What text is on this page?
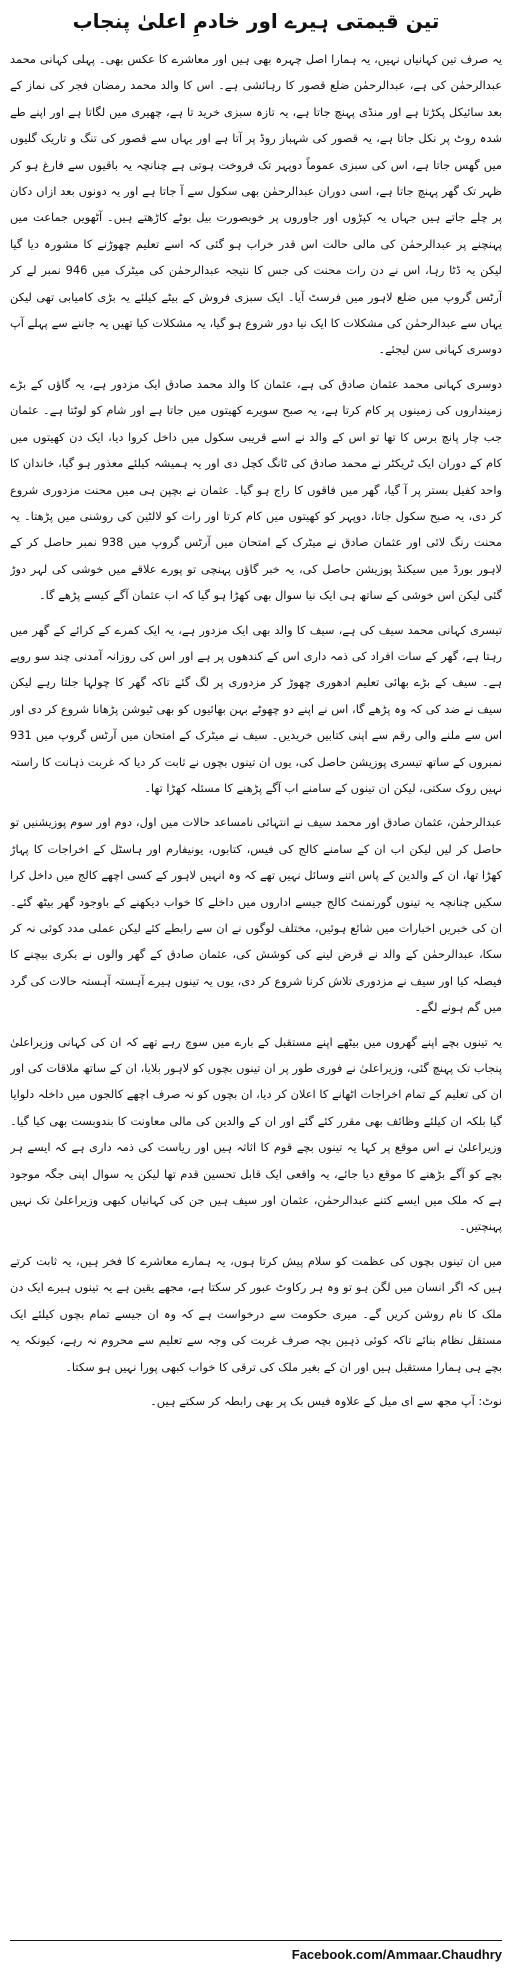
تین قیمتی ہیرے اور خادمِ اعلیٰ پنجاب

یہ صرف تین کہانیاں نہیں، یہ ہمارا اصل چہرہ بھی ہیں اور معاشرے کا عکس بھی۔ پہلی کہانی محمد عبدالرحمٰن کی ہے، عبدالرحمٰن ضلع قصور کا رہائشی ہے۔ اس کا والد محمد رمضان فجر کی نماز کے بعد سائیکل پکڑتا ہے اور منڈی پہنچ جاتا ہے، یہ تازہ سبزی خرید تا ہے، چھیری میں لگاتا ہے اور اپنے طے شدہ روٹ پر نکل جاتا ہے، یہ قصور کی شہباز روڈ پر آتا ہے اور یہاں سے قصور کی تنگ و تاریک گلیوں میں گھس جاتا ہے، اس کی سبزی عموماً دوپہر تک فروخت ہوتی ہے چنانچہ یہ باقیوں سے فارغ ہو کر ظہر تک گھر پہنچ جاتا ہے، اسی دوران عبدالرحمٰن بھی سکول سے آ جاتا ہے اور یہ دونوں بعد ازاں دکان پر چلے جاتے ہیں جہاں یہ کپڑوں اور جاوروں پر خوبصورت بیل بوٹے کاڑھتے ہیں۔ آٹھویں جماعت میں پہنچنے پر عبدالرحمٰن کی مالی حالت اس قدر خراب ہو گئی کہ اسے تعلیم چھوڑنے کا مشورہ دیا گیا لیکن یہ ڈٹا رہا، اس نے دن رات محنت کی جس کا نتیجہ عبدالرحمٰن کی میٹرک میں 946 نمبر لے کر آرٹس گروپ میں ضلع لاہور میں فرسٹ آیا۔ ایک سبزی فروش کے بیٹے کیلئے یہ بڑی کامیابی تھی لیکن یہاں سے عبدالرحمٰن کی مشکلات کا ایک نیا دور شروع ہو گیا، یہ مشکلات کیا تھیں یہ جاننے سے پہلے آپ دوسری کہانی سن لیجئے۔

دوسری کہانی محمد عثمان صادق کی ہے، عثمان کا والد محمد صادق ایک مزدور ہے، یہ گاؤں کے بڑے زمینداروں کی زمینوں پر کام کرتا ہے، یہ صبح سویرے کھیتوں میں جاتا ہے اور شام کو لوٹتا ہے۔ عثمان جب چار پانچ برس کا تھا تو اس کے والد نے اسے قریبی سکول میں داخل کروا دیا، ایک دن کھیتوں میں کام کے دوران ایک ٹریکٹر نے محمد صادق کی ٹانگ کچل دی اور یہ ہمیشہ کیلئے معذور ہو گیا، خاندان کا واحد کفیل بستر پر آ گیا، گھر میں فاقوں کا راج ہو گیا۔ عثمان نے بچپن ہی میں محنت مزدوری شروع کر دی، یہ صبح سکول جاتا، دوپہر کو کھیتوں میں کام کرتا اور رات کو لالٹین کی روشنی میں پڑھتا۔ یہ محنت رنگ لائی اور عثمان صادق نے میٹرک کے امتحان میں آرٹس گروپ میں 938 نمبر حاصل کر کے لاہور بورڈ میں سیکنڈ پوزیشن حاصل کی، یہ خبر گاؤں پہنچی تو پورے علاقے میں خوشی کی لہر دوڑ گئی لیکن اس خوشی کے ساتھ ہی ایک نیا سوال بھی کھڑا ہو گیا کہ اب عثمان آگے کیسے پڑھے گا۔

تیسری کہانی محمد سیف کی ہے، سیف کا والد بھی ایک مزدور ہے، یہ ایک کمرے کے کرائے کے گھر میں رہتا ہے، گھر کے سات افراد کی ذمہ داری اس کے کندھوں پر ہے اور اس کی روزانہ آمدنی چند سو روپے ہے۔ سیف کے بڑے بھائی تعلیم ادھوری چھوڑ کر مزدوری پر لگ گئے تاکہ گھر کا چولہا جلتا رہے لیکن سیف نے ضد کی کہ وہ پڑھے گا، اس نے اپنے دو چھوٹے بہن بھائیوں کو بھی ٹیوشن پڑھانا شروع کر دی اور اس سے ملنے والی رقم سے اپنی کتابیں خریدیں۔ سیف نے میٹرک کے امتحان میں آرٹس گروپ میں 931 نمبروں کے ساتھ تیسری پوزیشن حاصل کی، یوں ان تینوں بچوں نے ثابت کر دیا کہ غربت ذہانت کا راستہ نہیں روک سکتی، لیکن ان تینوں کے سامنے اب آگے پڑھنے کا مسئلہ کھڑا تھا۔

عبدالرحمٰن، عثمان صادق اور محمد سیف نے انتہائی نامساعد حالات میں اول، دوم اور سوم پوزیشنیں تو حاصل کر لیں لیکن اب ان کے سامنے کالج کی فیس، کتابوں، یونیفارم اور ہاسٹل کے اخراجات کا پہاڑ کھڑا تھا، ان کے والدین کے پاس اتنے وسائل نہیں تھے کہ وہ انہیں لاہور کے کسی اچھے کالج میں داخل کرا سکیں چنانچہ یہ تینوں گورنمنٹ کالج جیسے اداروں میں داخلے کا خواب دیکھنے کے باوجود گھر بیٹھ گئے۔ ان کی خبریں اخبارات میں شائع ہوئیں، مختلف لوگوں نے ان سے رابطے کئے لیکن عملی مدد کوئی نہ کر سکا، عبدالرحمٰن کے والد نے قرض لینے کی کوشش کی، عثمان صادق کے گھر والوں نے بکری بیچنے کا فیصلہ کیا اور سیف نے مزدوری تلاش کرنا شروع کر دی، یوں یہ تینوں ہیرے آہستہ آہستہ حالات کی گرد میں گم ہونے لگے۔

یہ تینوں بچے اپنے گھروں میں بیٹھے اپنے مستقبل کے بارے میں سوچ رہے تھے کہ ان کی کہانی وزیراعلیٰ پنجاب تک پہنچ گئی، وزیراعلیٰ نے فوری طور پر ان تینوں بچوں کو لاہور بلایا، ان کے ساتھ ملاقات کی اور ان کی تعلیم کے تمام اخراجات اٹھانے کا اعلان کر دیا، ان بچوں کو نہ صرف اچھے کالجوں میں داخلہ دلوایا گیا بلکہ ان کیلئے وظائف بھی مقرر کئے گئے اور ان کے والدین کی مالی معاونت کا بندوبست بھی کیا گیا۔ وزیراعلیٰ نے اس موقع پر کہا یہ تینوں بچے قوم کا اثاثہ ہیں اور ریاست کی ذمہ داری ہے کہ ایسے ہر بچے کو آگے بڑھنے کا موقع دیا جائے، یہ واقعی ایک قابل تحسین قدم تھا لیکن یہ سوال اپنی جگہ موجود ہے کہ ملک میں ایسے کتنے عبدالرحمٰن، عثمان اور سیف ہیں جن کی کہانیاں کبھی وزیراعلیٰ تک نہیں پہنچتیں۔

میں ان تینوں بچوں کی عظمت کو سلام پیش کرتا ہوں، یہ ہمارے معاشرے کا فخر ہیں، یہ ثابت کرتے ہیں کہ اگر انسان میں لگن ہو تو وہ ہر رکاوٹ عبور کر سکتا ہے، مجھے یقین ہے یہ تینوں ہیرے ایک دن ملک کا نام روشن کریں گے۔ میری حکومت سے درخواست ہے کہ وہ ان جیسے تمام بچوں کیلئے ایک مستقل نظام بنائے تاکہ کوئی ذہین بچہ صرف غربت کی وجہ سے تعلیم سے محروم نہ رہے، کیونکہ یہ بچے ہی ہمارا مستقبل ہیں اور ان کے بغیر ملک کی ترقی کا خواب کبھی پورا نہیں ہو سکتا۔

نوٹ: آپ مجھ سے ای میل کے علاوہ فیس بک پر بھی رابطہ کر سکتے ہیں۔

Facebook.com/Ammaar.Chaudhry
